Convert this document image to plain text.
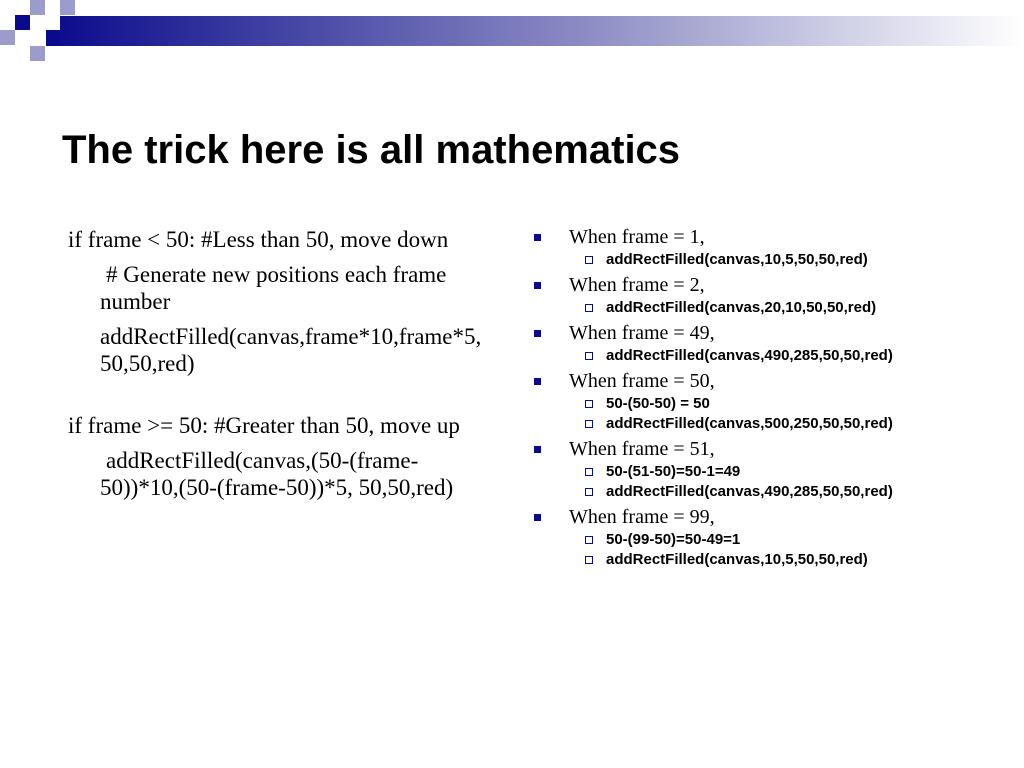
The trick here is all mathematics

if frame < 50: #Less than 50, move down

# Generate new positions each frame number

addRectFilled(canvas,frame*10,frame*5, 50,50,red)

if frame >= 50: #Greater than 50, move up

addRectFilled(canvas,(50-(frame-50))*10,(50-(frame-50))*5, 50,50,red)

When frame = 1,
addRectFilled(canvas,10,5,50,50,red)
When frame = 2,
addRectFilled(canvas,20,10,50,50,red)
When frame = 49,
addRectFilled(canvas,490,285,50,50,red)
When frame = 50,
50-(50-50) = 50
addRectFilled(canvas,500,250,50,50,red)
When frame = 51,
50-(51-50)=50-1=49
addRectFilled(canvas,490,285,50,50,red)
When frame = 99,
50-(99-50)=50-49=1
addRectFilled(canvas,10,5,50,50,red)
